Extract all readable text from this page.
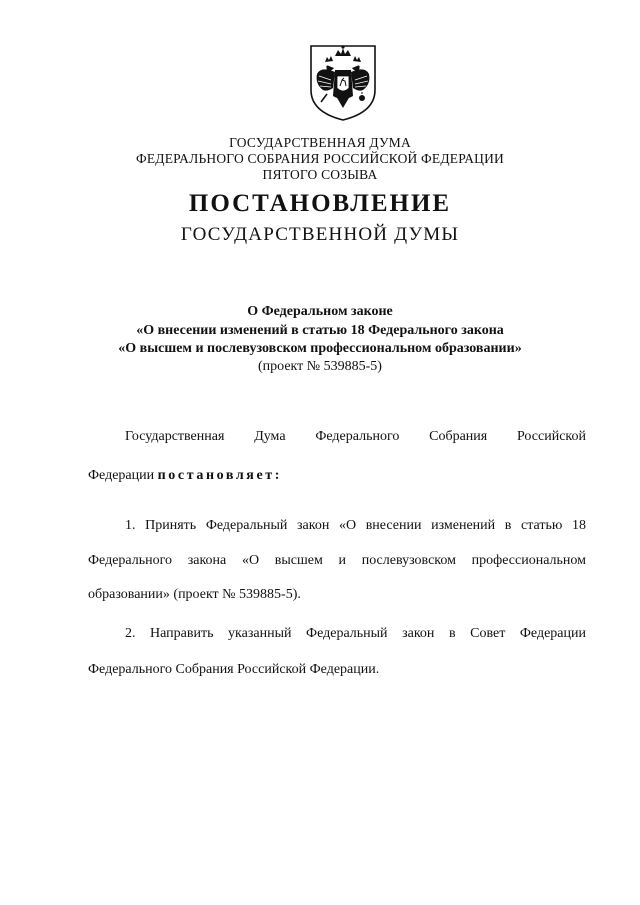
ГОСУДАРСТВЕННАЯ ДУМА
ФЕДЕРАЛЬНОГО СОБРАНИЯ РОССИЙСКОЙ ФЕДЕРАЦИИ
ПЯТОГО СОЗЫВА
ПОСТАНОВЛЕНИЕ
ГОСУДАРСТВЕННОЙ ДУМЫ
О Федеральном законе
«О внесении изменений в статью 18 Федерального закона
«О высшем и послевузовском профессиональном образовании»
(проект № 539885-5)
Государственная Дума Федерального Собрания Российской
Федерации постановляет:
1. Принять Федеральный закон «О внесении изменений в статью 18
Федерального закона «О высшем и послевузовском профессиональном
образовании» (проект № 539885-5).
2. Направить указанный Федеральный закон в Совет Федерации
Федерального Собрания Российской Федерации.
